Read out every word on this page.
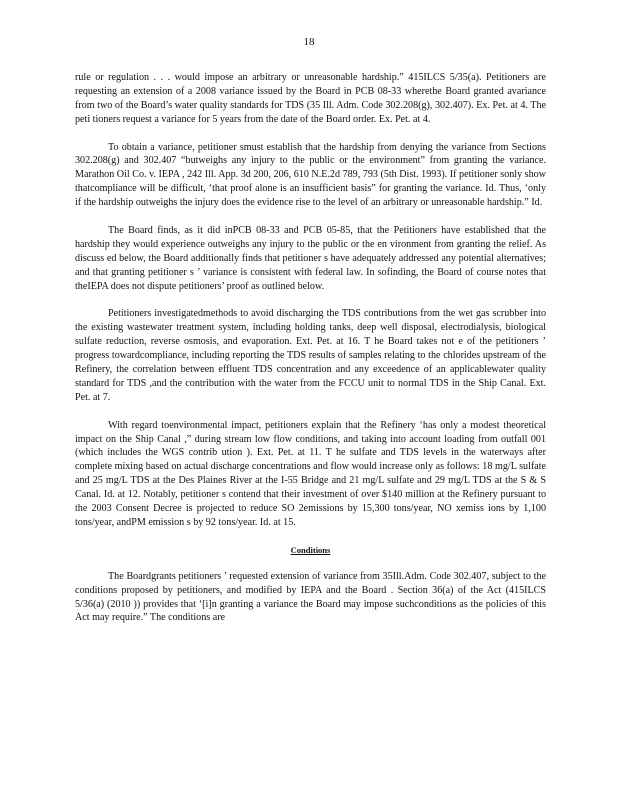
18

rule or regulation . . . would impose an arbitrary or unreasonable hardship.” 415ILCS 5/35(a). Petitioners are requesting an extension of a 2008 variance issued by the Board in PCB 08-33 wherethe Board granted avariance from two of the Board’s water quality standards for TDS (35 Ill. Adm. Code 302.208(g), 302.407). Ex. Pet. at 4. The peti tioners request a variance for 5 years from the date of the Board order. Ex. Pet. at 4.

To obtain a variance, petitioner smust establish that the hardship from denying the variance from Sections 302.208(g) and 302.407 “butweighs any injury to the public or the environment” from granting the variance. Marathon Oil Co. v. IEPA , 242 Ill. App. 3d 200, 206, 610 N.E.2d 789, 793 (5th Dist. 1993). If petitioner sonly show thatcompliance will be difficult, ‘that proof alone is an insufficient basis” for granting the variance. Id. Thus, ‘only if the hardship outweighs the injury does the evidence rise to the level of an arbitrary or unreasonable hardship.” Id.

The Board finds, as it did inPCB 08-33 and PCB 05-85, that the Petitioners have established that the hardship they would experience outweighs any injury to the public or the en vironment from granting the relief. As discuss ed below, the Board additionally finds that petitioner s have adequately addressed any potential alternatives; and that granting petitioner s ’ variance is consistent with federal law. In sofinding, the Board of course notes that theIEPA does not dispute petitioners’ proof as outlined below.

Petitioners investigatedmethods to avoid discharging the TDS contributions from the wet gas scrubber into the existing wastewater treatment system, including holding tanks, deep well disposal, electrodialysis, biological sulfate reduction, reverse osmosis, and evaporation. Ext. Pet. at 16. T he Board takes not e of the petitioners ’ progress towardcompliance, including reporting the TDS results of samples relating to the chlorides upstream of the Refinery, the correlation between effluent TDS concentration and any exceedence of an applicablewater quality standard for TDS ,and the contribution with the water from the FCCU unit to normal TDS in the Ship Canal. Ext. Pet. at 7.

With regard toenvironmental impact, petitioners explain that the Refinery ‘has only a modest theoretical impact on the Ship Canal ,” during stream low flow conditions, and taking into account loading from outfall 001 (which includes the WGS contrib ution ). Ext. Pet. at 11. T he sulfate and TDS levels in the waterways after complete mixing based on actual discharge concentrations and flow would increase only as follows: 18 mg/L sulfate and 25 mg/L TDS at the Des Plaines River at the I-55 Bridge and 21 mg/L sulfate and 29 mg/L TDS at the S & S Canal. Id. at 12. Notably, petitioner s contend that their investment of over $140 million at the Refinery pursuant to the 2003 Consent Decree is projected to reduce SO 2emissions by 15,300 tons/year, NO xemiss ions by 1,100 tons/year, andPM emission s by 92 tons/year. Id. at 15.

Conditions

The Boardgrants petitioners ’ requested extension of variance from 35Ill.Adm. Code 302.407, subject to the conditions proposed by petitioners, and modified by IEPA and the Board . Section 36(a) of the Act (415ILCS 5/36(a) (2010 )) provides that ‘[i]n granting a variance the Board may impose suchconditions as the policies of this Act may require.” The conditions are
